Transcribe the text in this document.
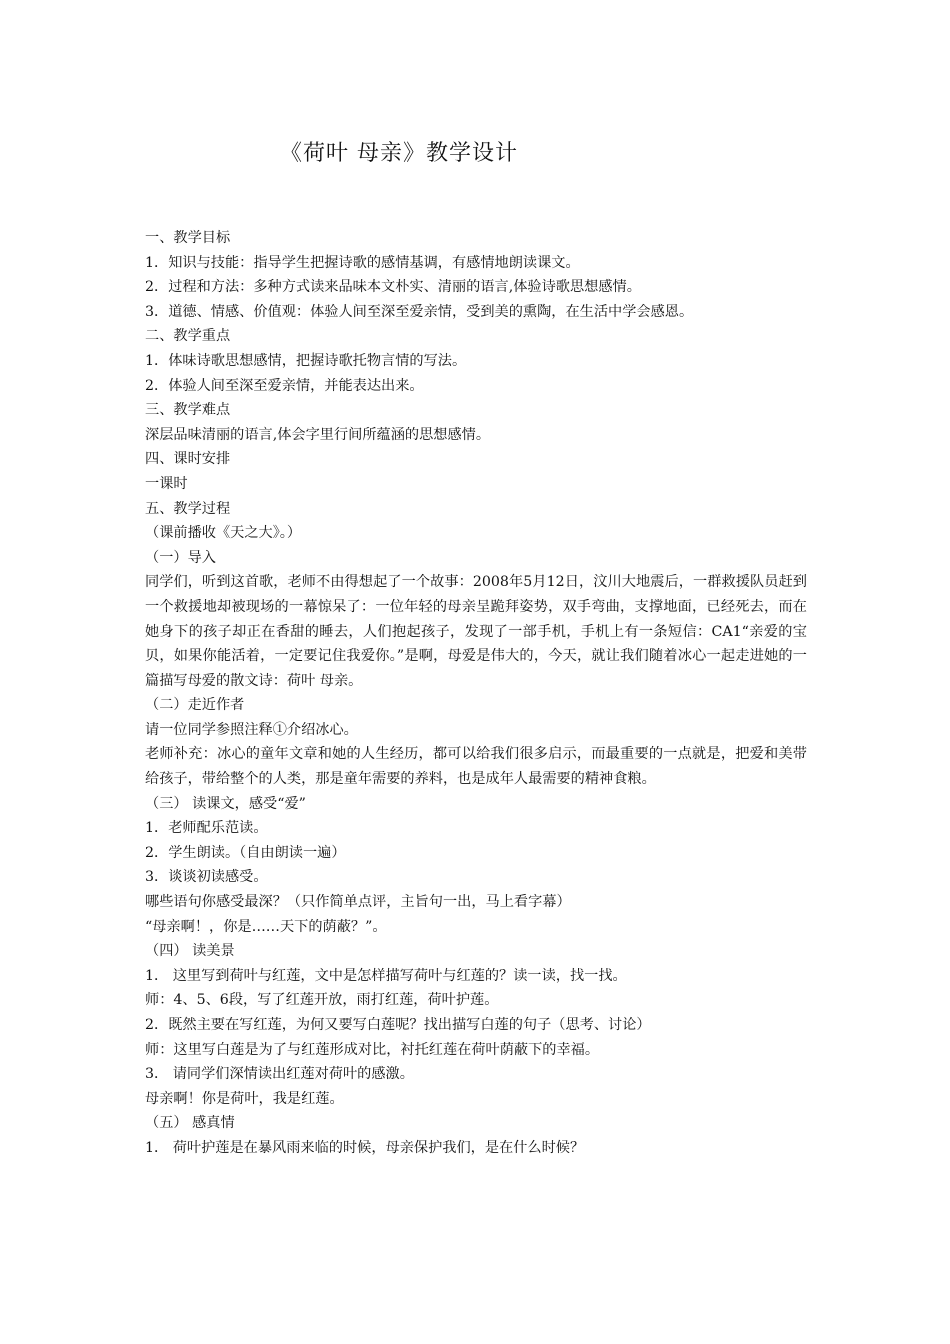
《荷叶 母亲》教学设计
一、教学目标
1．知识与技能：指导学生把握诗歌的感情基调，有感情地朗读课文。
2．过程和方法：多种方式读来品味本文朴实、清丽的语言,体验诗歌思想感情。
3．道德、情感、价值观：体验人间至深至爱亲情，受到美的熏陶，在生活中学会感恩。
二、教学重点
1．体味诗歌思想感情，把握诗歌托物言情的写法。
2．体验人间至深至爱亲情，并能表达出来。
三、教学难点
深层品味清丽的语言,体会字里行间所蕴涵的思想感情。
四、课时安排
一课时
五、教学过程
（课前播收《天之大》。）
（一）导入
同学们，听到这首歌，老师不由得想起了一个故事：2008年5月12日，汶川大地震后，一群救援队员赶到一个救援地却被现场的一幕惊呆了：一位年轻的母亲呈跪拜姿势，双手弯曲，支撑地面，已经死去，而在她身下的孩子却正在香甜的睡去，人们抱起孩子，发现了一部手机，手机上有一条短信：CA1“亲爱的宝贝，如果你能活着，一定要记住我爱你。”是啊，母爱是伟大的，今天，就让我们随着冰心一起走进她的一篇描写母爱的散文诗：荷叶 母亲。
（二）走近作者
请一位同学参照注释①介绍冰心。
老师补充：冰心的童年文章和她的人生经历，都可以给我们很多启示，而最重要的一点就是，把爱和美带给孩子，带给整个的人类，那是童年需要的养料，也是成年人最需要的精神食粮。
（三） 读课文，感受“爱”
1．老师配乐范读。
2．学生朗读。（自由朗读一遍）
3．谈谈初读感受。
哪些语句你感受最深？（只作简单点评，主旨句一出，马上看字幕）
“母亲啊！，你是……天下的荫蔽？”。
（四） 读美景
1． 这里写到荷叶与红莲，文中是怎样描写荷叶与红莲的？读一读，找一找。
师：4、5、6段，写了红莲开放，雨打红莲，荷叶护莲。
2．既然主要在写红莲，为何又要写白莲呢？找出描写白莲的句子（思考、讨论）
师：这里写白莲是为了与红莲形成对比，衬托红莲在荷叶荫蔽下的幸福。
3． 请同学们深情读出红莲对荷叶的感激。
母亲啊！你是荷叶，我是红莲。
（五） 感真情
1． 荷叶护莲是在暴风雨来临的时候，母亲保护我们，是在什么时候？
